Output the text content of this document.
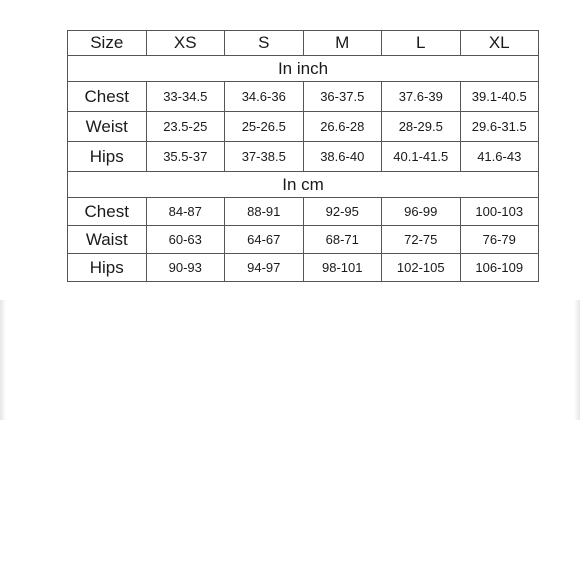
Size	XS	S	M	L	XL
In inch					
Chest	33-34.5	34.6-36	36-37.5	37.6-39	39.1-40.5
Weist	23.5-25	25-26.5	26.6-28	28-29.5	29.6-31.5
Hips	35.5-37	37-38.5	38.6-40	40.1-41.5	41.6-43
In cm					
Chest	84-87	88-91	92-95	96-99	100-103
Waist	60-63	64-67	68-71	72-75	76-79
Hips	90-93	94-97	98-101	102-105	106-109
